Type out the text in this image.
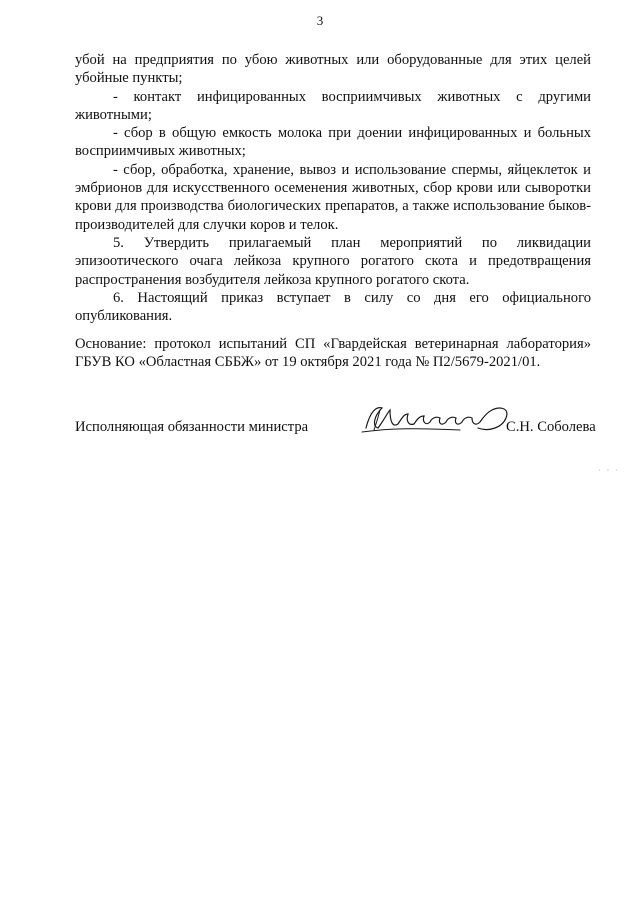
3

убой на предприятия по убою животных или оборудованные для этих целей убойные пункты;

- контакт инфицированных восприимчивых животных с другими животными;

- сбор в общую емкость молока при доении инфицированных и больных восприимчивых животных;

- сбор, обработка, хранение, вывоз и использование спермы, яйцеклеток и эмбрионов для искусственного осеменения животных, сбор крови или сыворотки крови для производства биологических препаратов, а также использование быков-производителей для случки коров и телок.

5. Утвердить прилагаемый план мероприятий по ликвидации эпизоотического очага лейкоза крупного рогатого скота и предотвращения распространения возбудителя лейкоза крупного рогатого скота.

6. Настоящий приказ вступает в силу со дня его официального опубликования.

Основание: протокол испытаний СП «Гвардейская ветеринарная лаборатория» ГБУВ КО «Областная СББЖ» от 19 октября 2021 года № П2/5679-2021/01.

Исполняющая обязанности министра	С.Н. Соболева
· · ·
